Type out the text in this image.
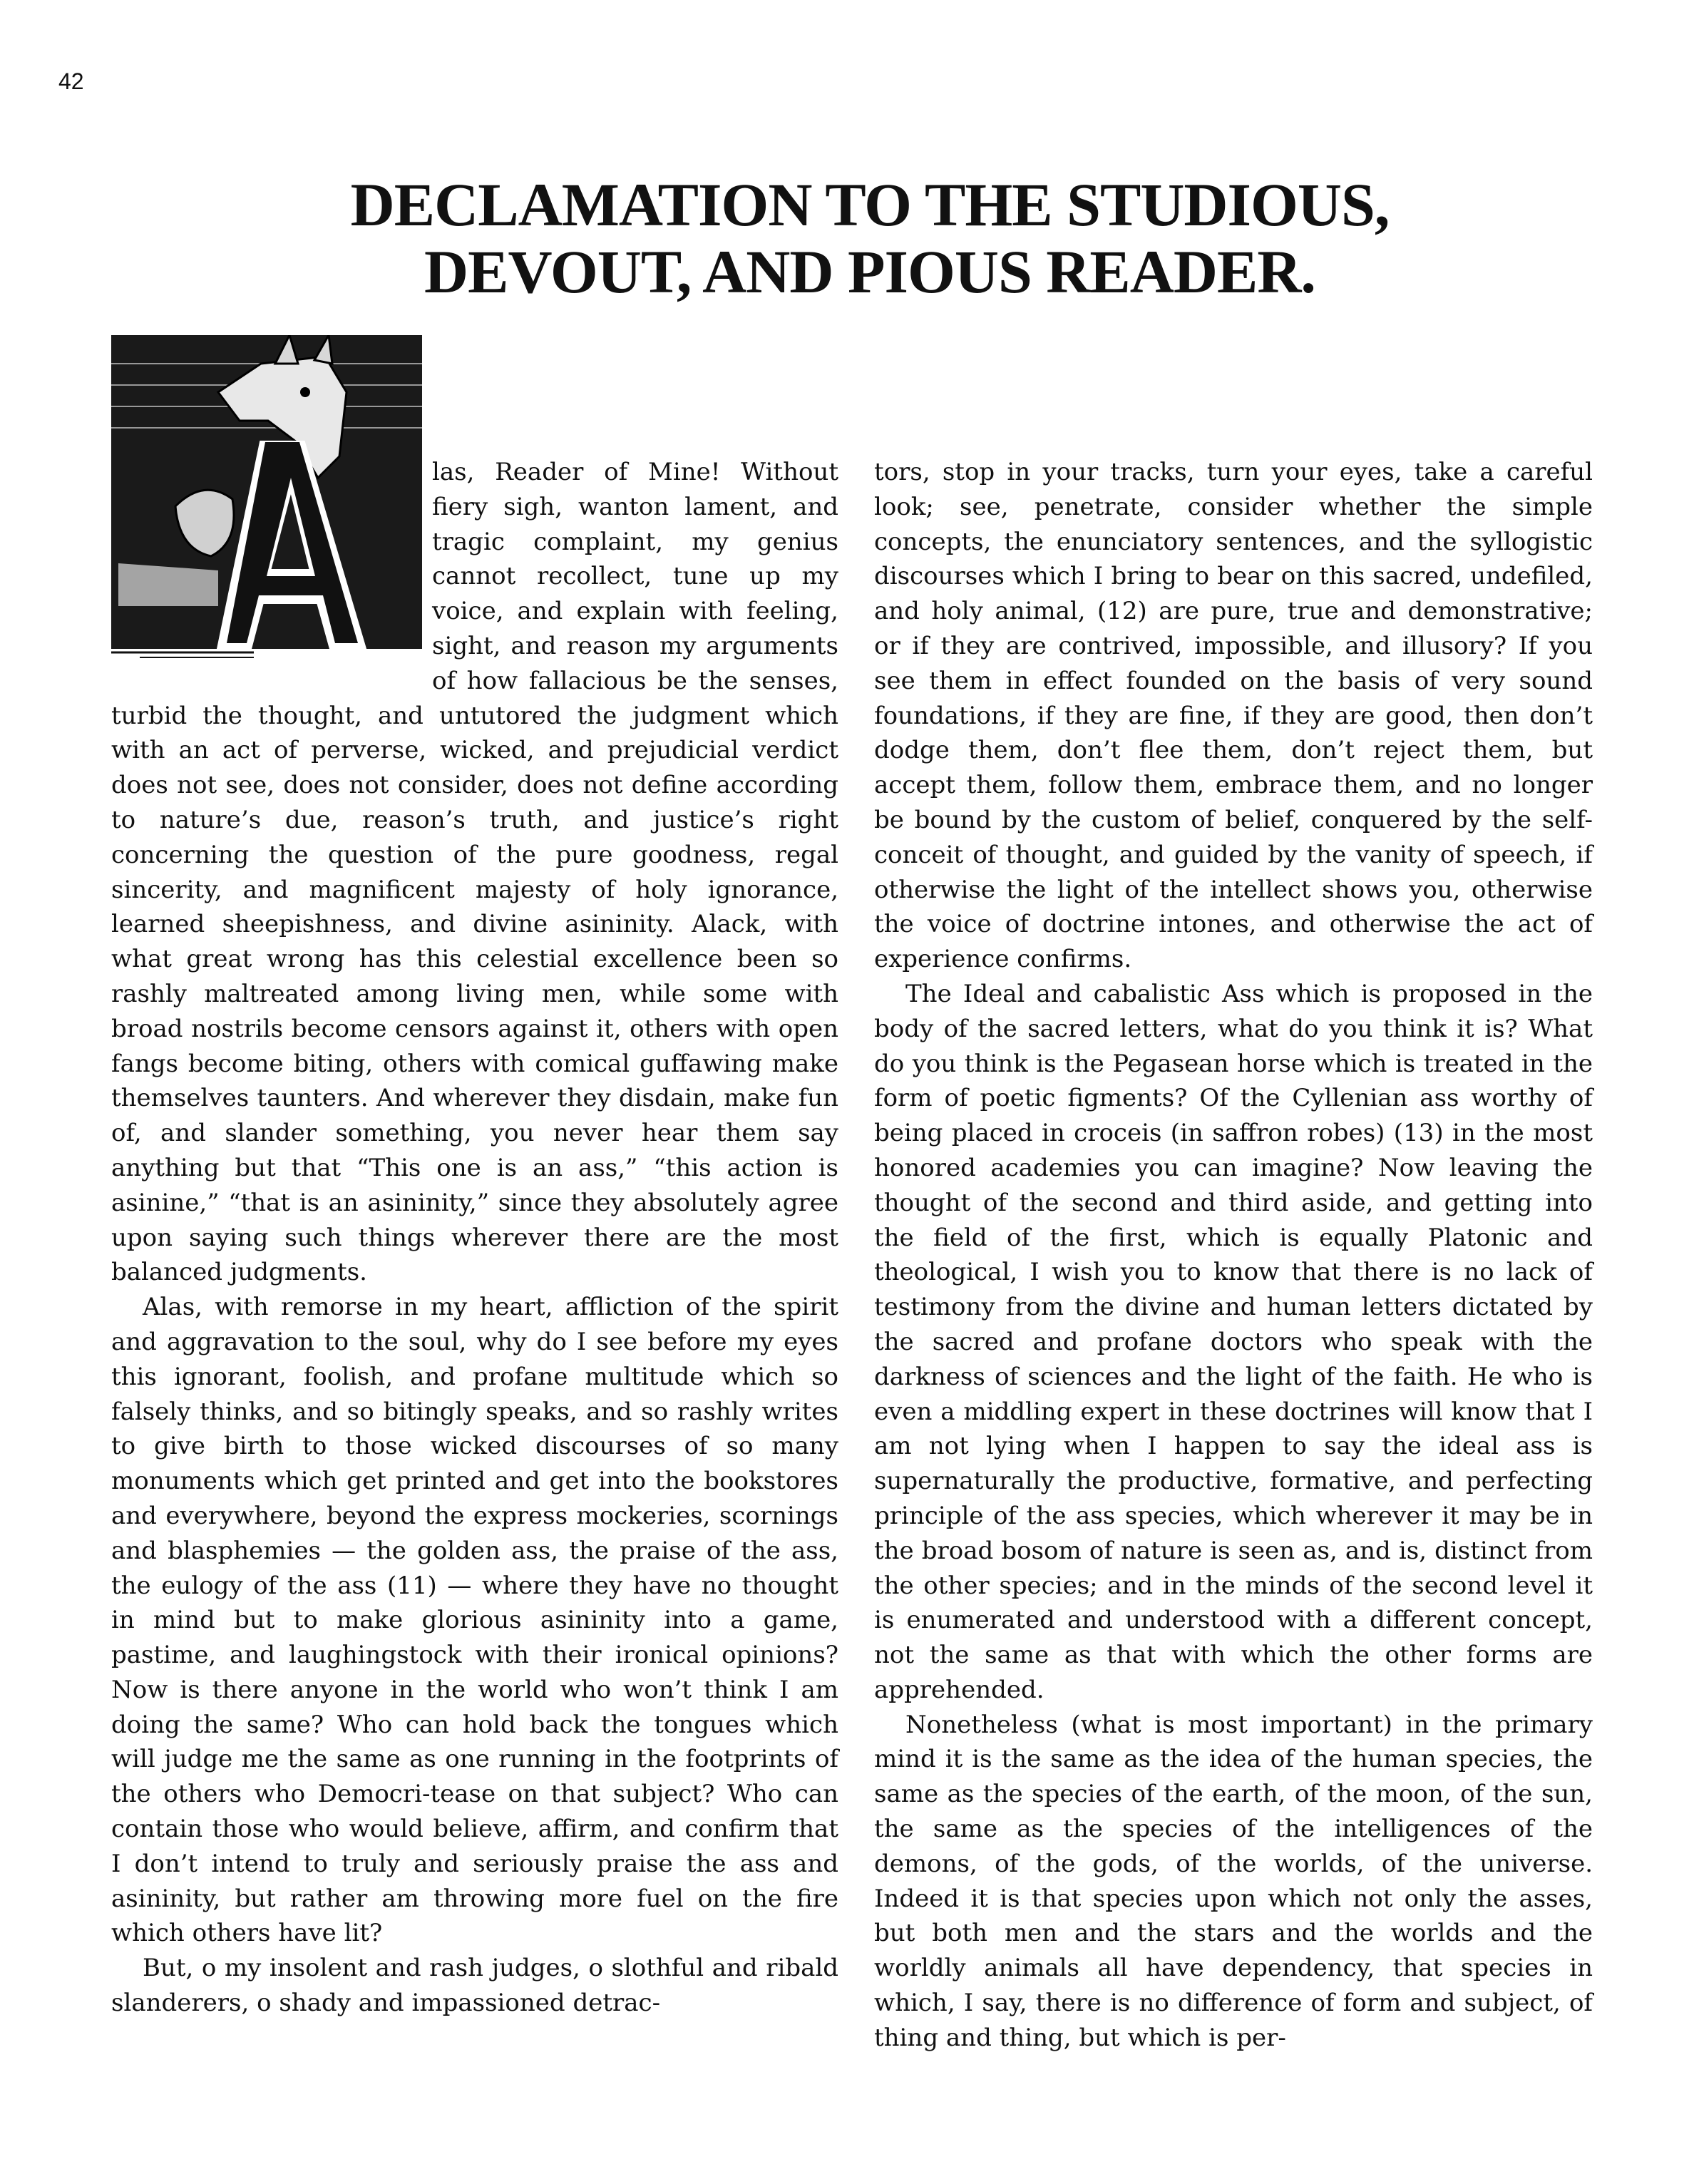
42
DECLAMATION TO THE STUDIOUS,
DEVOUT, AND PIOUS READER.

las, Reader of Mine! Without fiery sigh, wanton lament, and tragic complaint, my genius cannot recollect, tune up my voice, and explain with feeling, sight, and reason my arguments of how fallacious be the senses, turbid the thought, and untutored the judgment which with an act of perverse, wicked, and prejudicial verdict does not see, does not consider, does not define according to nature’s due, reason’s truth, and justice’s right concerning the question of the pure goodness, regal sincerity, and magnificent majesty of holy ignorance, learned sheepishness, and divine asininity. Alack, with what great wrong has this celestial excellence been so rashly maltreated among living men, while some with broad nostrils become censors against it, others with open fangs become biting, others with comical guffawing make themselves taunters. And wherever they disdain, make fun of, and slander something, you never hear them say anything but that “This one is an ass,” “this action is asinine,” “that is an asininity,” since they absolutely agree upon saying such things wherever there are the most balanced judgments.

Alas, with remorse in my heart, affliction of the spirit and aggravation to the soul, why do I see before my eyes this ignorant, foolish, and profane multitude which so falsely thinks, and so bitingly speaks, and so rashly writes to give birth to those wicked discourses of so many monuments which get printed and get into the bookstores and everywhere, beyond the express mockeries, scornings and blasphemies — the golden ass, the praise of the ass, the eulogy of the ass (11) — where they have no thought in mind but to make glorious asininity into a game, pastime, and laughingstock with their ironical opinions? Now is there anyone in the world who won’t think I am doing the same? Who can hold back the tongues which will judge me the same as one running in the footprints of the others who Democri-tease on that subject? Who can contain those who would believe, affirm, and confirm that I don’t intend to truly and seriously praise the ass and asininity, but rather am throwing more fuel on the fire which others have lit?

But, o my insolent and rash judges, o slothful and ribald slanderers, o shady and impassioned detrac-

tors, stop in your tracks, turn your eyes, take a careful look; see, penetrate, consider whether the simple concepts, the enunciatory sentences, and the syllogistic discourses which I bring to bear on this sacred, undefiled, and holy animal, (12) are pure, true and demonstrative; or if they are contrived, impossible, and illusory? If you see them in effect founded on the basis of very sound foundations, if they are fine, if they are good, then don’t dodge them, don’t flee them, don’t reject them, but accept them, follow them, embrace them, and no longer be bound by the custom of belief, conquered by the self-conceit of thought, and guided by the vanity of speech, if otherwise the light of the intellect shows you, otherwise the voice of doctrine intones, and otherwise the act of experience confirms.

The Ideal and cabalistic Ass which is proposed in the body of the sacred letters, what do you think it is? What do you think is the Pegasean horse which is treated in the form of poetic figments? Of the Cyllenian ass worthy of being placed in croceis (in saffron robes) (13) in the most honored academies you can imagine? Now leaving the thought of the second and third aside, and getting into the field of the first, which is equally Platonic and theological, I wish you to know that there is no lack of testimony from the divine and human letters dictated by the sacred and profane doctors who speak with the darkness of sciences and the light of the faith. He who is even a middling expert in these doctrines will know that I am not lying when I happen to say the ideal ass is supernaturally the productive, formative, and perfecting principle of the ass species, which wherever it may be in the broad bosom of nature is seen as, and is, distinct from the other species; and in the minds of the second level it is enumerated and understood with a different concept, not the same as that with which the other forms are apprehended.

Nonetheless (what is most important) in the primary mind it is the same as the idea of the human species, the same as the species of the earth, of the moon, of the sun, the same as the species of the intelligences of the demons, of the gods, of the worlds, of the universe. Indeed it is that species upon which not only the asses, but both men and the stars and the worlds and the worldly animals all have dependency, that species in which, I say, there is no difference of form and subject, of thing and thing, but which is per-
